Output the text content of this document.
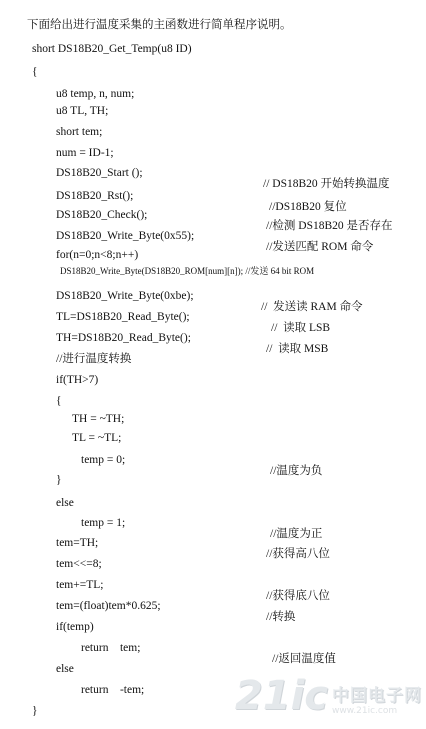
下面给出进行温度采集的主函数进行简单程序说明。

short DS18B20_Get_Temp(u8 ID)

{

u8 temp, n, num;

u8 TL, TH;

short tem;

num = ID-1;

DS18B20_Start ();

// DS18B20 开始转换温度

DS18B20_Rst();

//DS18B20 复位

DS18B20_Check();

//检测 DS18B20 是否存在

DS18B20_Write_Byte(0x55);

//发送匹配 ROM 命令

for(n=0;n<8;n++)

DS18B20_Write_Byte(DS18B20_ROM[num][n]); //发送 64 bit ROM

DS18B20_Write_Byte(0xbe);

//  发送读 RAM 命令

TL=DS18B20_Read_Byte();

//  读取 LSB

TH=DS18B20_Read_Byte();

//  读取 MSB

//进行温度转换

if(TH>7)

{

TH = ~TH;

TL = ~TL;

temp = 0;

//温度为负

}

else

temp = 1;

//温度为正

tem=TH;

//获得高八位

tem<<=8;

tem+=TL;

//获得底八位

tem=(float)tem*0.625;

//转换

if(temp)

return    tem;

//返回温度值

else

return    -tem;

}

	21ic 中国电子网
www.21ic.com
